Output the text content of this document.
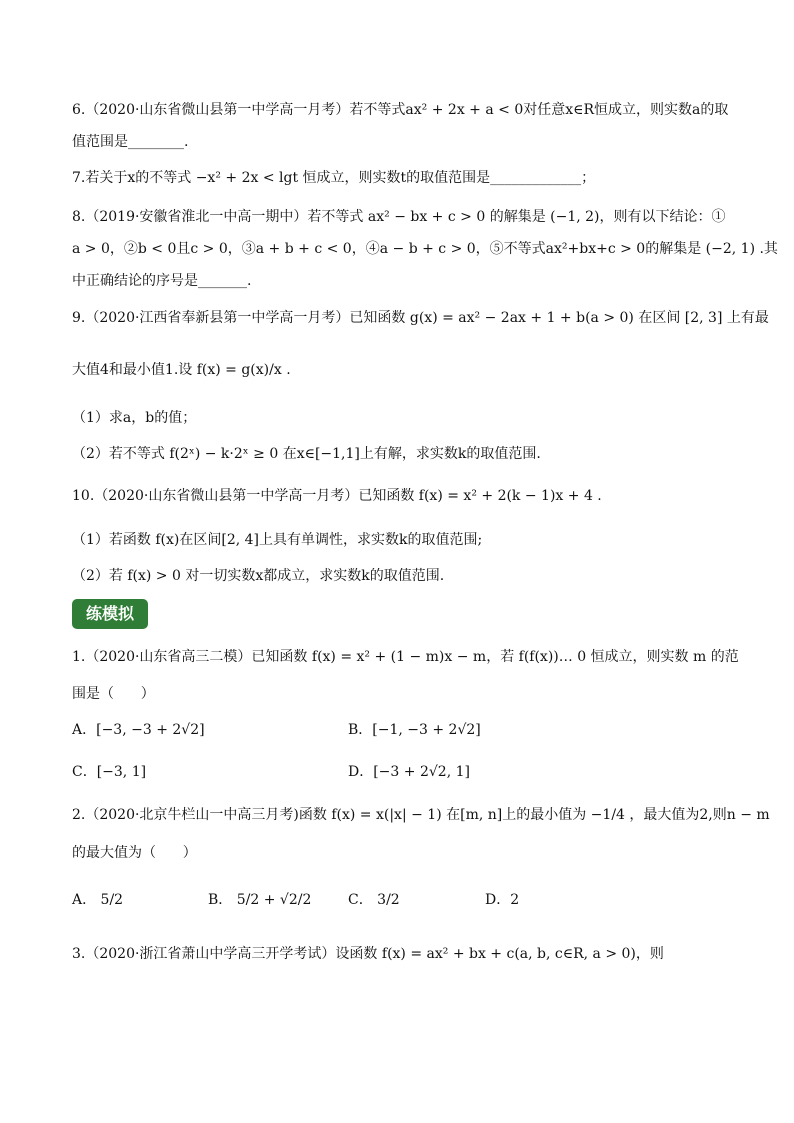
6.（2020·山东省微山县第一中学高一月考）若不等式ax² + 2x + a < 0对任意x∈R恒成立，则实数a的取
值范围是________.
7.若关于x的不等式 −x² + 2x < lgt 恒成立，则实数t的取值范围是_____________；
8.（2019·安徽省淮北一中高一期中）若不等式 ax² − bx + c > 0 的解集是 (−1, 2)，则有以下结论：①
a > 0，②b < 0且c > 0，③a + b + c < 0，④a − b + c > 0，⑤不等式ax²+bx+c > 0的解集是 (−2, 1) .其
中正确结论的序号是_______.
9.（2020·江西省奉新县第一中学高一月考）已知函数 g(x) = ax² − 2ax + 1 + b(a > 0) 在区间 [2, 3] 上有最
大值4和最小值1.设 f(x) = g(x)/x .
（1）求a，b的值；
（2）若不等式 f(2ˣ) − k·2ˣ ≥ 0 在x∈[−1,1]上有解，求实数k的取值范围.
10.（2020·山东省微山县第一中学高一月考）已知函数 f(x) = x² + 2(k − 1)x + 4 .
（1）若函数 f(x)在区间[2, 4]上具有单调性，求实数k的取值范围;
（2）若 f(x) > 0 对一切实数x都成立，求实数k的取值范围.
练模拟
1.（2020·山东省高三二模）已知函数 f(x) = x² + (1 − m)x − m，若 f(f(x))… 0 恒成立，则实数 m 的范
围是（      ）
A．[−3, −3 + 2√2]	B．[−1, −3 + 2√2]
C．[−3, 1]	D．[−3 + 2√2, 1]
2.（2020·北京牛栏山一中高三月考)函数 f(x) = x(|x| − 1) 在[m, n]上的最小值为 −1/4 ，最大值为2,则n − m
的最大值为（      ）
A． 5/2	B． 5/2 + √2/2	C． 3/2	D．2
3.（2020·浙江省萧山中学高三开学考试）设函数 f(x) = ax² + bx + c(a, b, c∈R, a > 0)，则
